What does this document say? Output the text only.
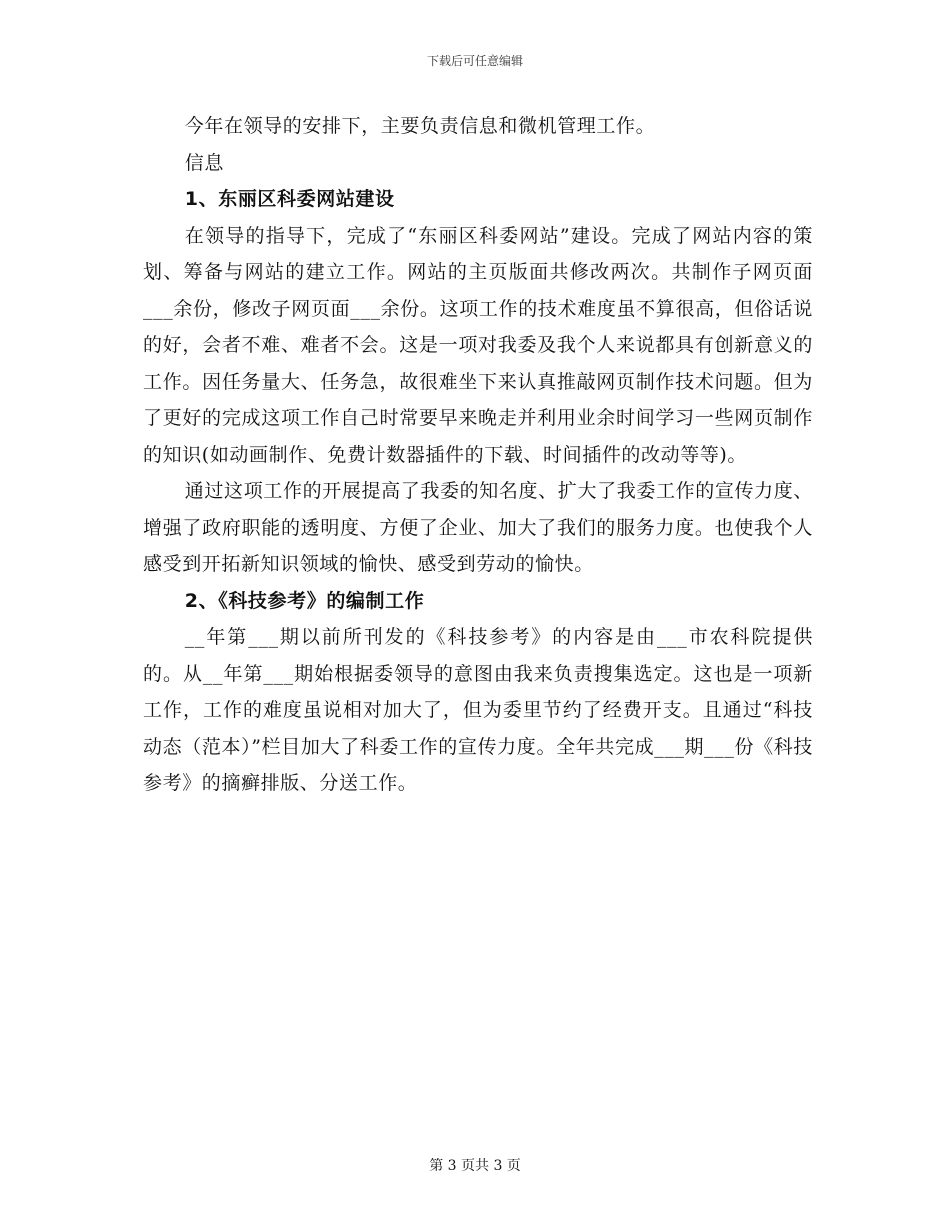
下载后可任意编辑

今年在领导的安排下，主要负责信息和微机管理工作。

信息

1、东丽区科委网站建设

在领导的指导下，完成了“东丽区科委网站”建设。完成了网站内容的策划、筹备与网站的建立工作。网站的主页版面共修改两次。共制作子网页面___余份，修改子网页面___余份。这项工作的技术难度虽不算很高，但俗话说的好，会者不难、难者不会。这是一项对我委及我个人来说都具有创新意义的工作。因任务量大、任务急，故很难坐下来认真推敲网页制作技术问题。但为了更好的完成这项工作自己时常要早来晚走并利用业余时间学习一些网页制作的知识(如动画制作、免费计数器插件的下载、时间插件的改动等等)。

通过这项工作的开展提高了我委的知名度、扩大了我委工作的宣传力度、增强了政府职能的透明度、方便了企业、加大了我们的服务力度。也使我个人感受到开拓新知识领域的愉快、感受到劳动的愉快。

2、《科技参考》的编制工作

__年第___期以前所刊发的《科技参考》的内容是由___市农科院提供的。从__年第___期始根据委领导的意图由我来负责搜集选定。这也是一项新工作，工作的难度虽说相对加大了，但为委里节约了经费开支。且通过“科技动态（范本）”栏目加大了科委工作的宣传力度。全年共完成___期___份《科技参考》的摘癣排版、分送工作。

第 3 页共 3 页
